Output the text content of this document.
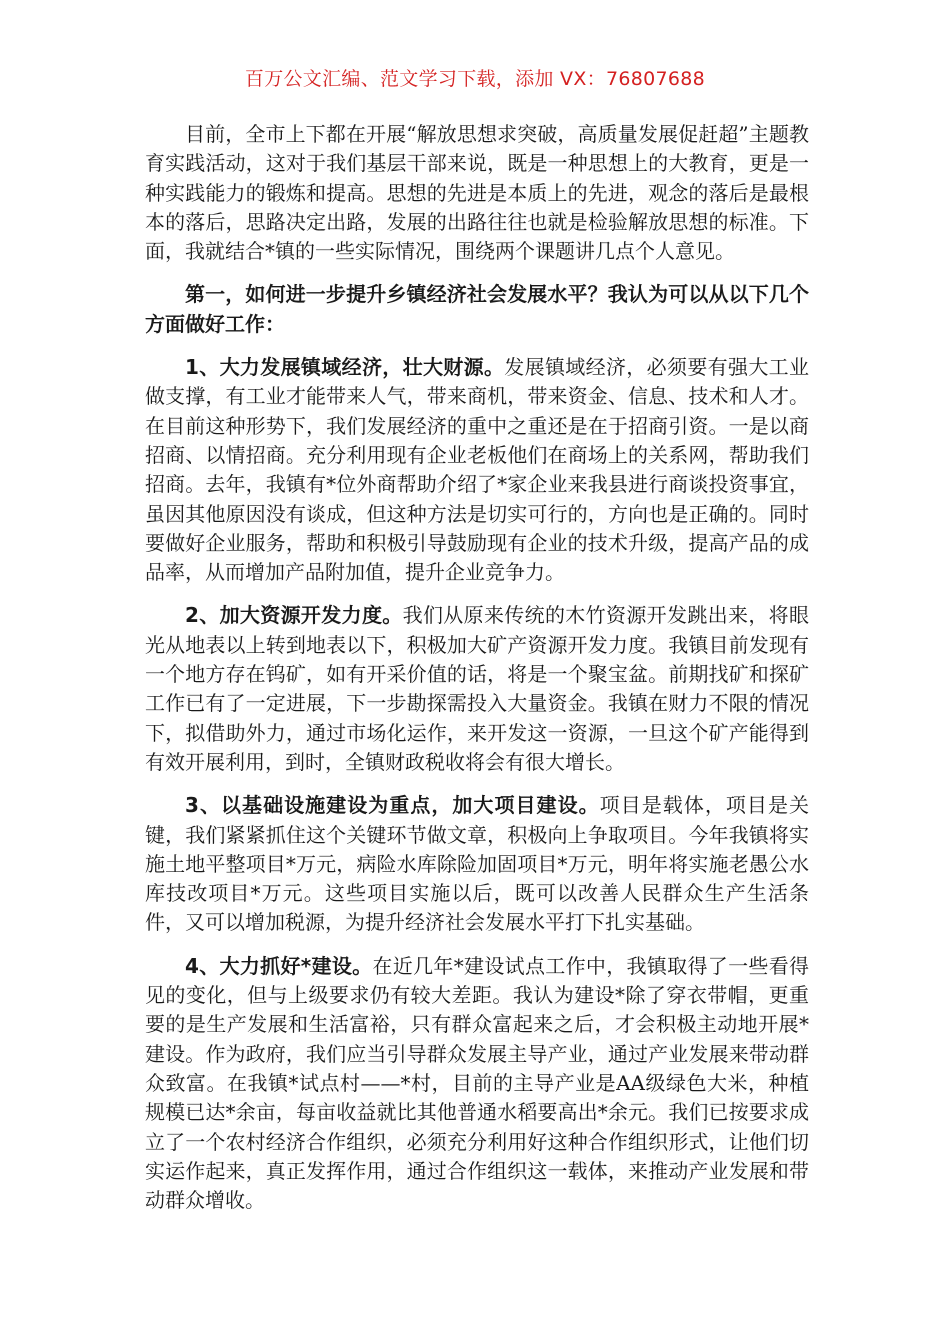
百万公文汇编、范文学习下载，添加 VX：76807688

目前，全市上下都在开展“解放思想求突破，高质量发展促赶超”主题教育实践活动，这对于我们基层干部来说，既是一种思想上的大教育，更是一种实践能力的锻炼和提高。思想的先进是本质上的先进，观念的落后是最根本的落后，思路决定出路，发展的出路往往也就是检验解放思想的标准。下面，我就结合*镇的一些实际情况，围绕两个课题讲几点个人意见。

第一，如何进一步提升乡镇经济社会发展水平？我认为可以从以下几个方面做好工作：

1、大力发展镇域经济，壮大财源。发展镇域经济，必须要有强大工业做支撑，有工业才能带来人气，带来商机，带来资金、信息、技术和人才。在目前这种形势下，我们发展经济的重中之重还是在于招商引资。一是以商招商、以情招商。充分利用现有企业老板他们在商场上的关系网，帮助我们招商。去年，我镇有*位外商帮助介绍了*家企业来我县进行商谈投资事宜，虽因其他原因没有谈成，但这种方法是切实可行的，方向也是正确的。同时要做好企业服务，帮助和积极引导鼓励现有企业的技术升级，提高产品的成品率，从而增加产品附加值，提升企业竞争力。

2、加大资源开发力度。我们从原来传统的木竹资源开发跳出来，将眼光从地表以上转到地表以下，积极加大矿产资源开发力度。我镇目前发现有一个地方存在钨矿，如有开采价值的话，将是一个聚宝盆。前期找矿和探矿工作已有了一定进展，下一步勘探需投入大量资金。我镇在财力不限的情况下，拟借助外力，通过市场化运作，来开发这一资源，一旦这个矿产能得到有效开展利用，到时，全镇财政税收将会有很大增长。

3、以基础设施建设为重点，加大项目建设。项目是载体，项目是关键，我们紧紧抓住这个关键环节做文章，积极向上争取项目。今年我镇将实施土地平整项目*万元，病险水库除险加固项目*万元，明年将实施老愚公水库技改项目*万元。这些项目实施以后，既可以改善人民群众生产生活条件，又可以增加税源，为提升经济社会发展水平打下扎实基础。

4、大力抓好*建设。在近几年*建设试点工作中，我镇取得了一些看得见的变化，但与上级要求仍有较大差距。我认为建设*除了穿衣带帽，更重要的是生产发展和生活富裕，只有群众富起来之后，才会积极主动地开展*建设。作为政府，我们应当引导群众发展主导产业，通过产业发展来带动群众致富。在我镇*试点村——*村，目前的主导产业是AA级绿色大米，种植规模已达*余亩，每亩收益就比其他普通水稻要高出*余元。我们已按要求成立了一个农村经济合作组织，必须充分利用好这种合作组织形式，让他们切实运作起来，真正发挥作用，通过合作组织这一载体，来推动产业发展和带动群众增收。
